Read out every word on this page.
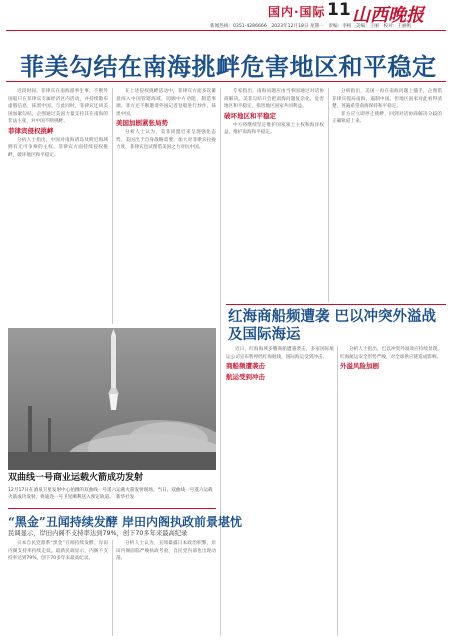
国内·国际 11 山西晚报
新闻热线：0351-4286666　2023年12月18日 星期一　责编：李根　美编：王丽　校对：王丽帆
菲美勾结在南海挑衅危害地区和平稳定

近段时间，菲律宾在南海滋事生事，不断外国船只在菲律宾专属经济区内活动，并持续散布虚假信息，抹黑中国。与此同时，菲律宾还同美国加紧勾结，企图通过美国力量支持其在南海的非法主张，对中国不断挑衅。

菲律宾侵权挑衅

分析人士指出，中国对南海诸岛及附近海域拥有无可争辩的主权。菲律宾方面持续侵权挑衅，破坏地区和平稳定。

在上述侵权挑衅活动中，菲律宾方面多次蓄意闯入中国管辖海域，罔顾中方劝阻，制造事端。菲方还不断邀请外国记者登船进行炒作，抹黑中国。

美国加剧紧张局势

分析人士认为，美菲同盟近来呈现强化态势。美国出于自身战略需要，加大对菲律宾拉拢力度，菲律宾也试图借美国之力对抗中国。

专家指出，南海问题应由当事国通过对话协商解决。美菲勾结只会把南海问题复杂化，危害地区和平稳定，损害地区国家共同利益。

破坏地区和平稳定

中方将继续坚定维护国家领土主权和海洋权益，维护南海和平稳定。

分析指出，美国一再在南海问题上插手，企图借菲律宾搅局南海，遏制中国。但地区国家对此看得清楚，普遍希望南海保持和平稳定。

菲方应立即停止挑衅，回到对话协商解决分歧的正确轨道上来。

双曲线一号商业运载火箭成功发射
12月17日在酒泉卫星发射中心拍摄的双曲线一号遥六运载火箭发射现场。当日，双曲线一号遥六运载火箭成功发射，将迪迩一号卫星顺利送入预定轨道。　新华社发
“黑金”丑闻持续发酵 岸田内阁执政前景堪忧
民调显示，岸田内阁不支持率达到79%，创下70多年来最高纪录

日本自民党派系“黑金”丑闻持续发酵，岸田内阁支持率持续走低。最新民调显示，内阁不支持率达到79%，创下70多年来最高纪录。

分析人士认为，丑闻暴露日本政治积弊，岸田内阁面临严峻执政考验，自民党内部也出现动荡。

红海商船频遭袭 巴以冲突外溢战及国际海运

近日，红海海域多艘商船遭遇袭击，多家国际航运公司宣布暂停经红海航线，国际海运受到冲击。

商船频遭袭击

航运受到冲击

分析人士指出，巴以冲突外溢效应持续显现，红海航运安全形势严峻，对全球供应链造成影响。

外溢风险加剧
